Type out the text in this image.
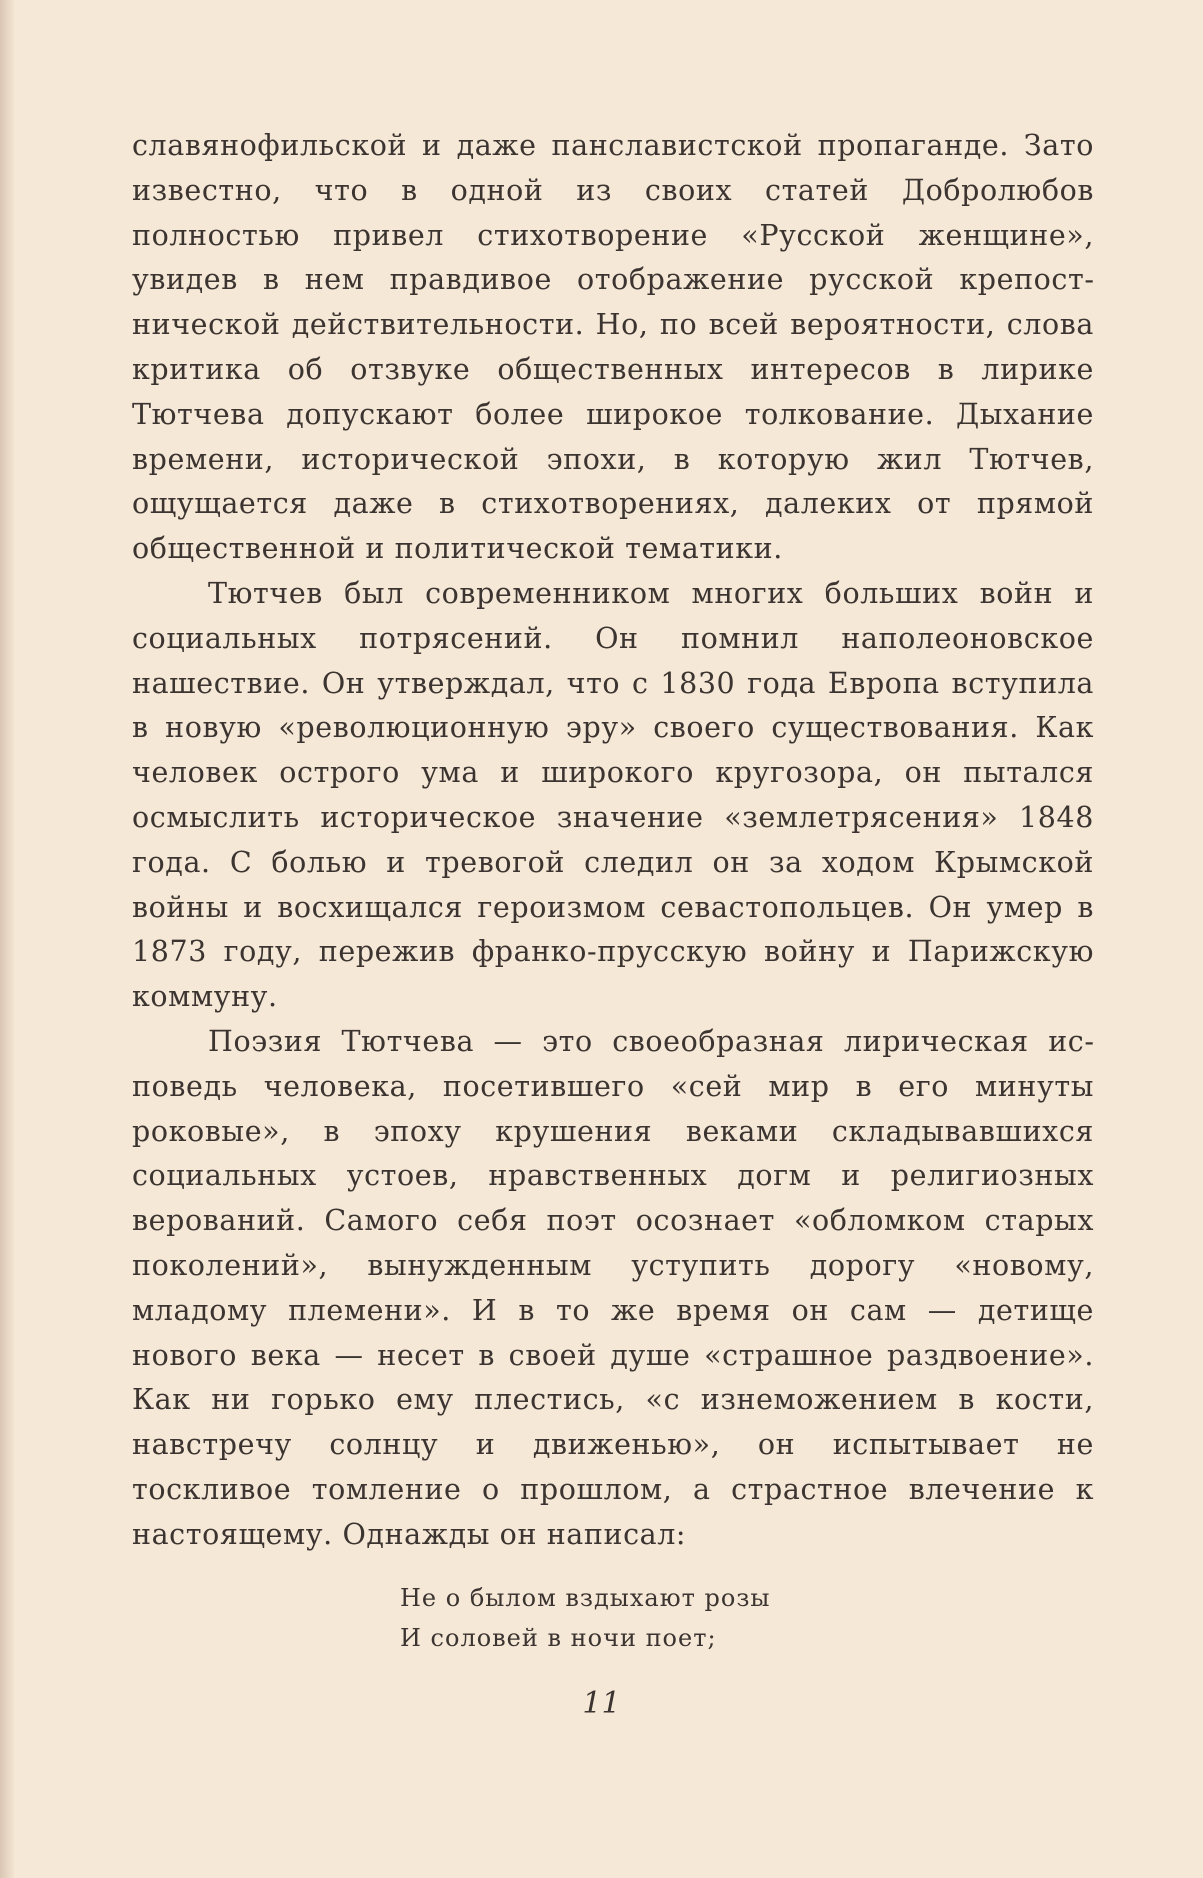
славянофильской и даже панславистской пропаганде. Зато известно, что в одной из своих статей Добролюбов полностью привел стихотворение «Русской женщине», увидев в нем правдивое отображение русской крепостнической действительности. Но, по всей вероятности, слова критика об отзвуке общественных интересов в лирике Тютчева допускают более широкое толкование. Дыхание времени, исторической эпохи, в которую жил Тютчев, ощущается даже в стихотворениях, далеких от прямой общественной и политической тематики.

Тютчев был современником многих больших войн и социальных потрясений. Он помнил наполеоновское нашествие. Он утверждал, что с 1830 года Европа вступила в новую «революционную эру» своего существования. Как человек острого ума и широкого кругозора, он пытался осмыслить историческое значение «землетрясения» 1848 года. С болью и тревогой следил он за ходом Крымской войны и восхищался героизмом севастопольцев. Он умер в 1873 году, пережив франко-прусскую войну и Парижскую коммуну.

Поэзия Тютчева — это своеобразная лирическая исповедь человека, посетившего «сей мир в его минуты роковые», в эпоху крушения веками складывавшихся социальных устоев, нравственных догм и религиозных верований. Самого себя поэт осознает «обломком старых поколений», вынужденным уступить дорогу «новому, младому племени». И в то же время он сам — детище нового века — несет в своей душе «страшное раздвоение». Как ни горько ему плестись, «с изнеможением в кости, навстречу солнцу и движенью», он испытывает не тоскливое томление о прошлом, а страстное влечение к настоящему. Однажды он написал:

Не о былом вздыхают розы
И соловей в ночи поет;
11
